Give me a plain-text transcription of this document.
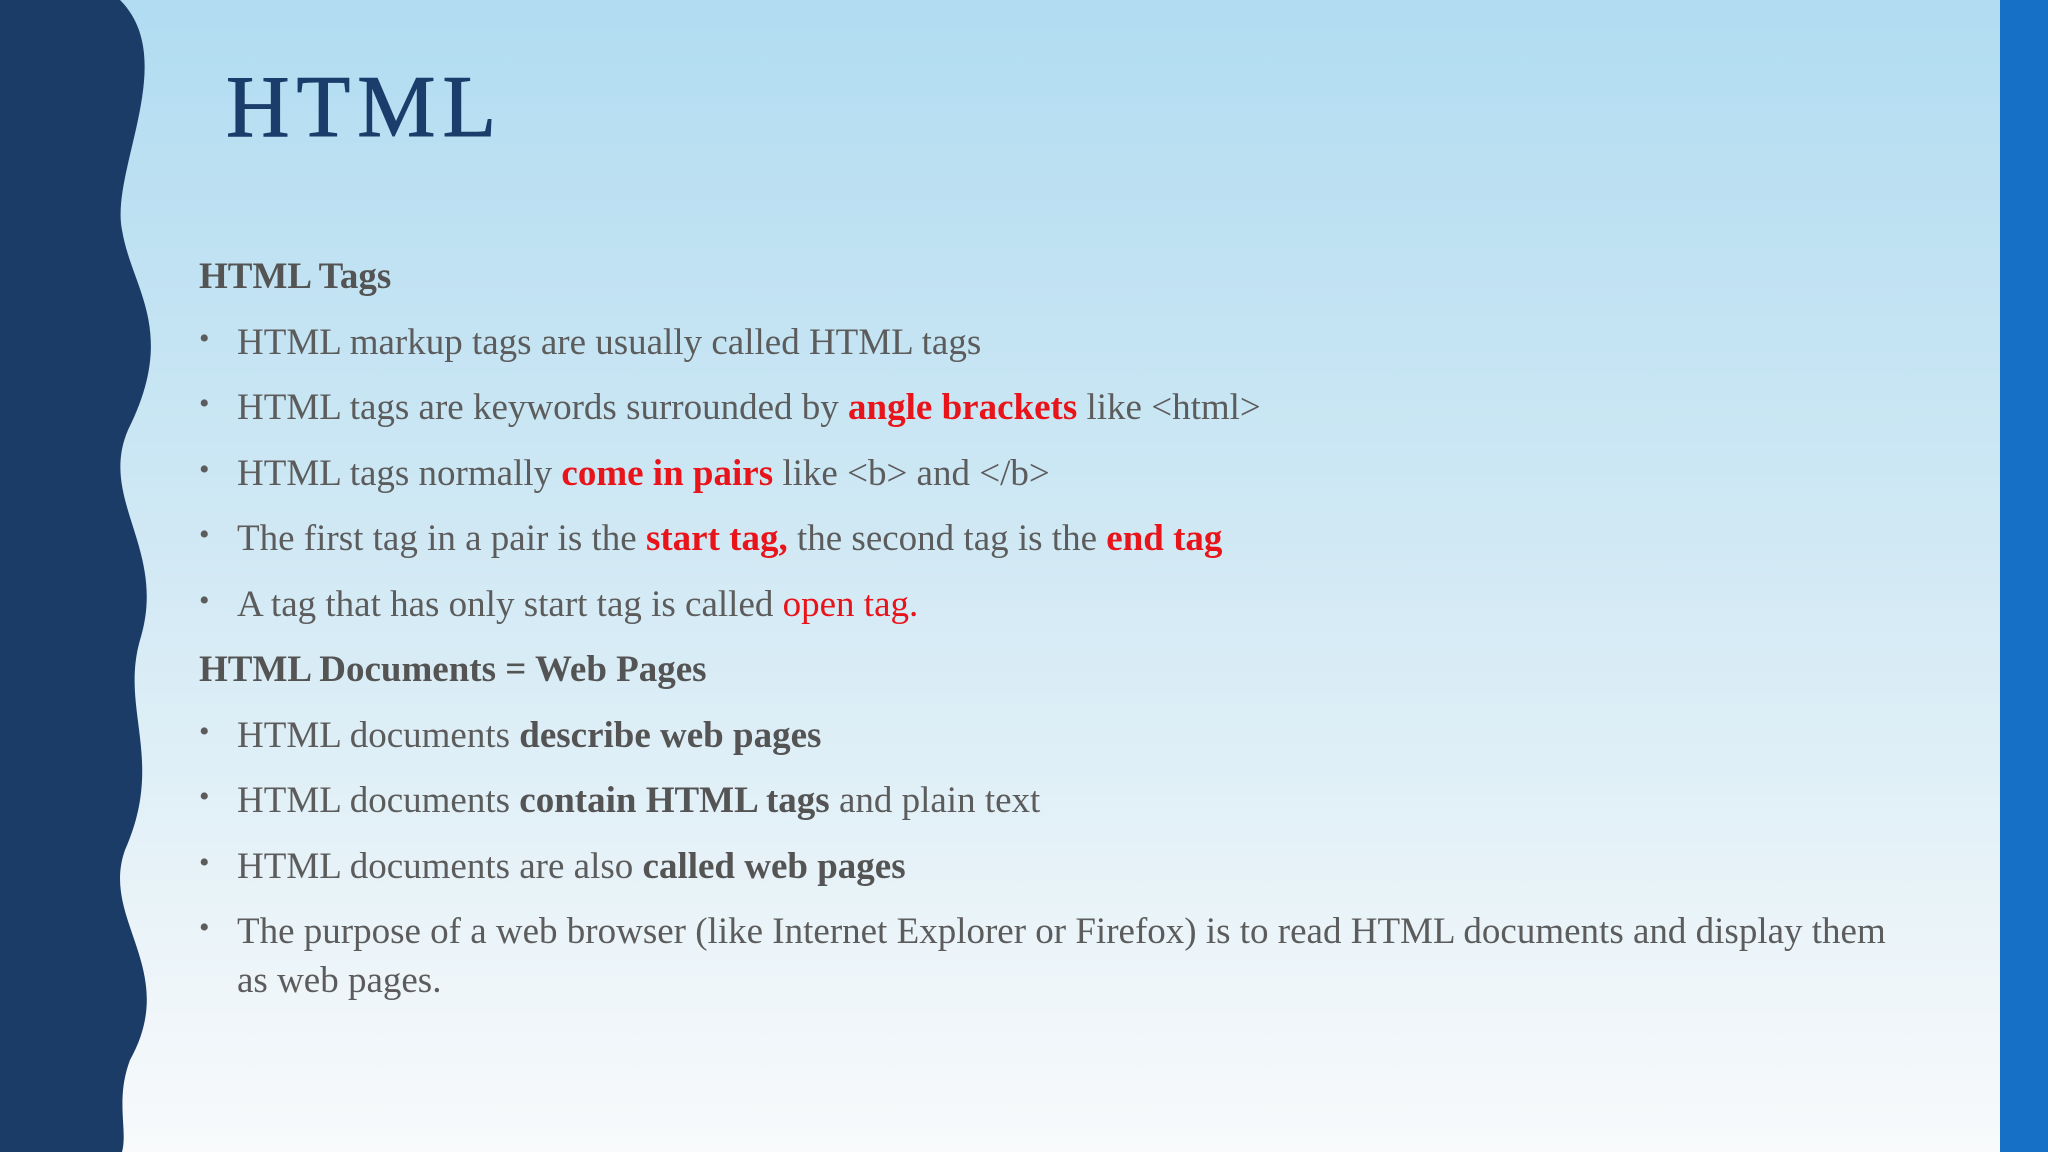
HTML
HTML Tags
• HTML markup tags are usually called HTML tags
• HTML tags are keywords surrounded by angle brackets like <html>
• HTML tags normally come in pairs like <b> and </b>
• The first tag in a pair is the start tag, the second tag is the end tag
• A tag that has only start tag is called open tag.
HTML Documents = Web Pages
• HTML documents describe web pages
• HTML documents contain HTML tags and plain text
• HTML documents are also called web pages
• The purpose of a web browser (like Internet Explorer or Firefox) is to read HTML documents and display them as web pages.
